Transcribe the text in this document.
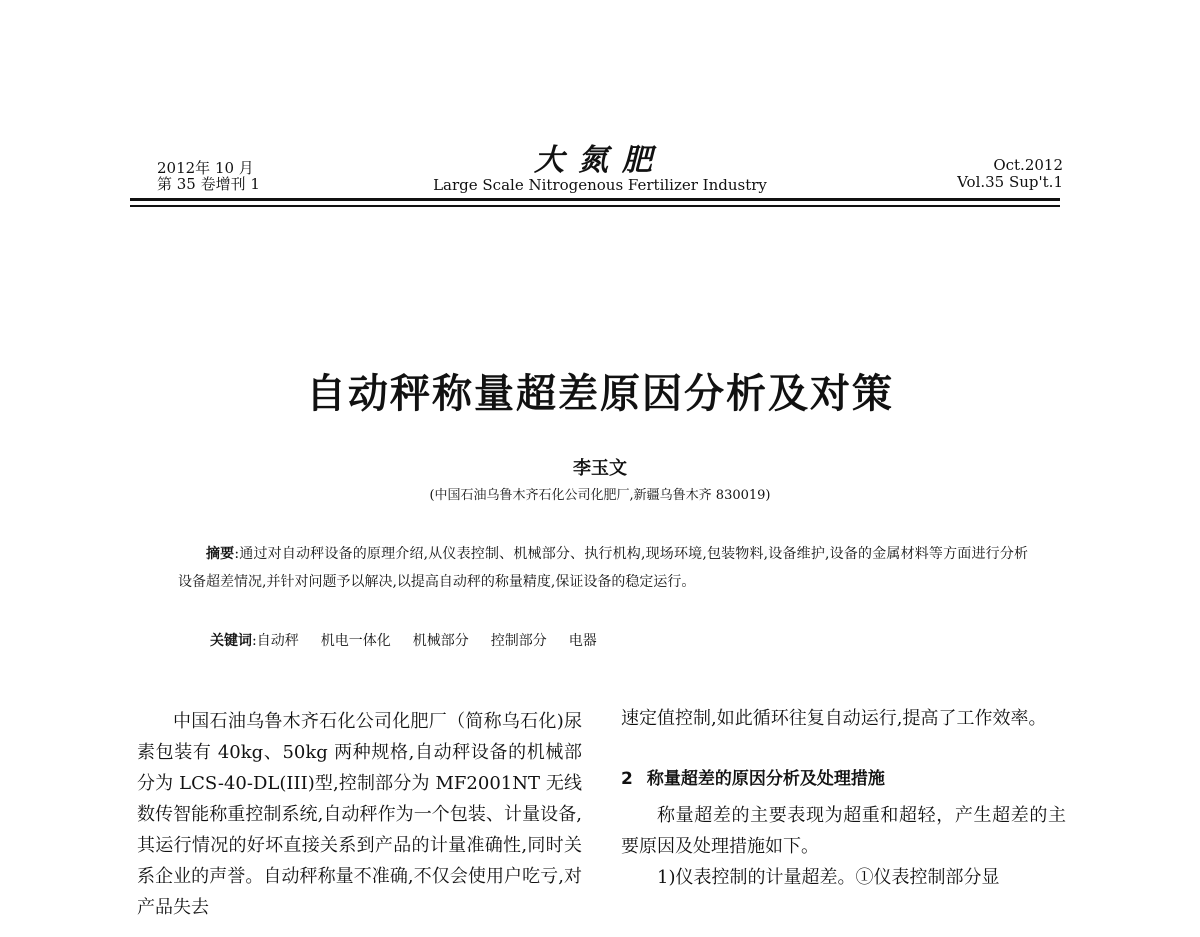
2012年 10 月
第 35 卷增刊 1
大氮肥
Large Scale Nitrogenous Fertilizer Industry
Oct.2012
Vol.35 Sup't.1
自动秤称量超差原因分析及对策
李玉文
(中国石油乌鲁木齐石化公司化肥厂,新疆乌鲁木齐 830019)

摘要:通过对自动秤设备的原理介绍,从仪表控制、机械部分、执行机构,现场环境,包装物料,设备维护,设备的金属材料等方面进行分析设备超差情况,并针对问题予以解决,以提高自动秤的称量精度,保证设备的稳定运行。

关键词:自动秤 机电一体化 机械部分 控制部分 电器

中国石油乌鲁木齐石化公司化肥厂（简称乌石化)尿素包装有 40kg、50kg 两种规格,自动秤设备的机械部分为 LCS-40-DL(III)型,控制部分为 MF2001NT 无线数传智能称重控制系统,自动秤作为一个包装、计量设备,其运行情况的好坏直接关系到产品的计量准确性,同时关系企业的声誉。自动秤称量不准确,不仅会使用户吃亏,对产品失去

速定值控制,如此循环往复自动运行,提高了工作效率。

2 称量超差的原因分析及处理措施

称量超差的主要表现为超重和超轻，产生超差的主要原因及处理措施如下。

1)仪表控制的计量超差。①仪表控制部分显
